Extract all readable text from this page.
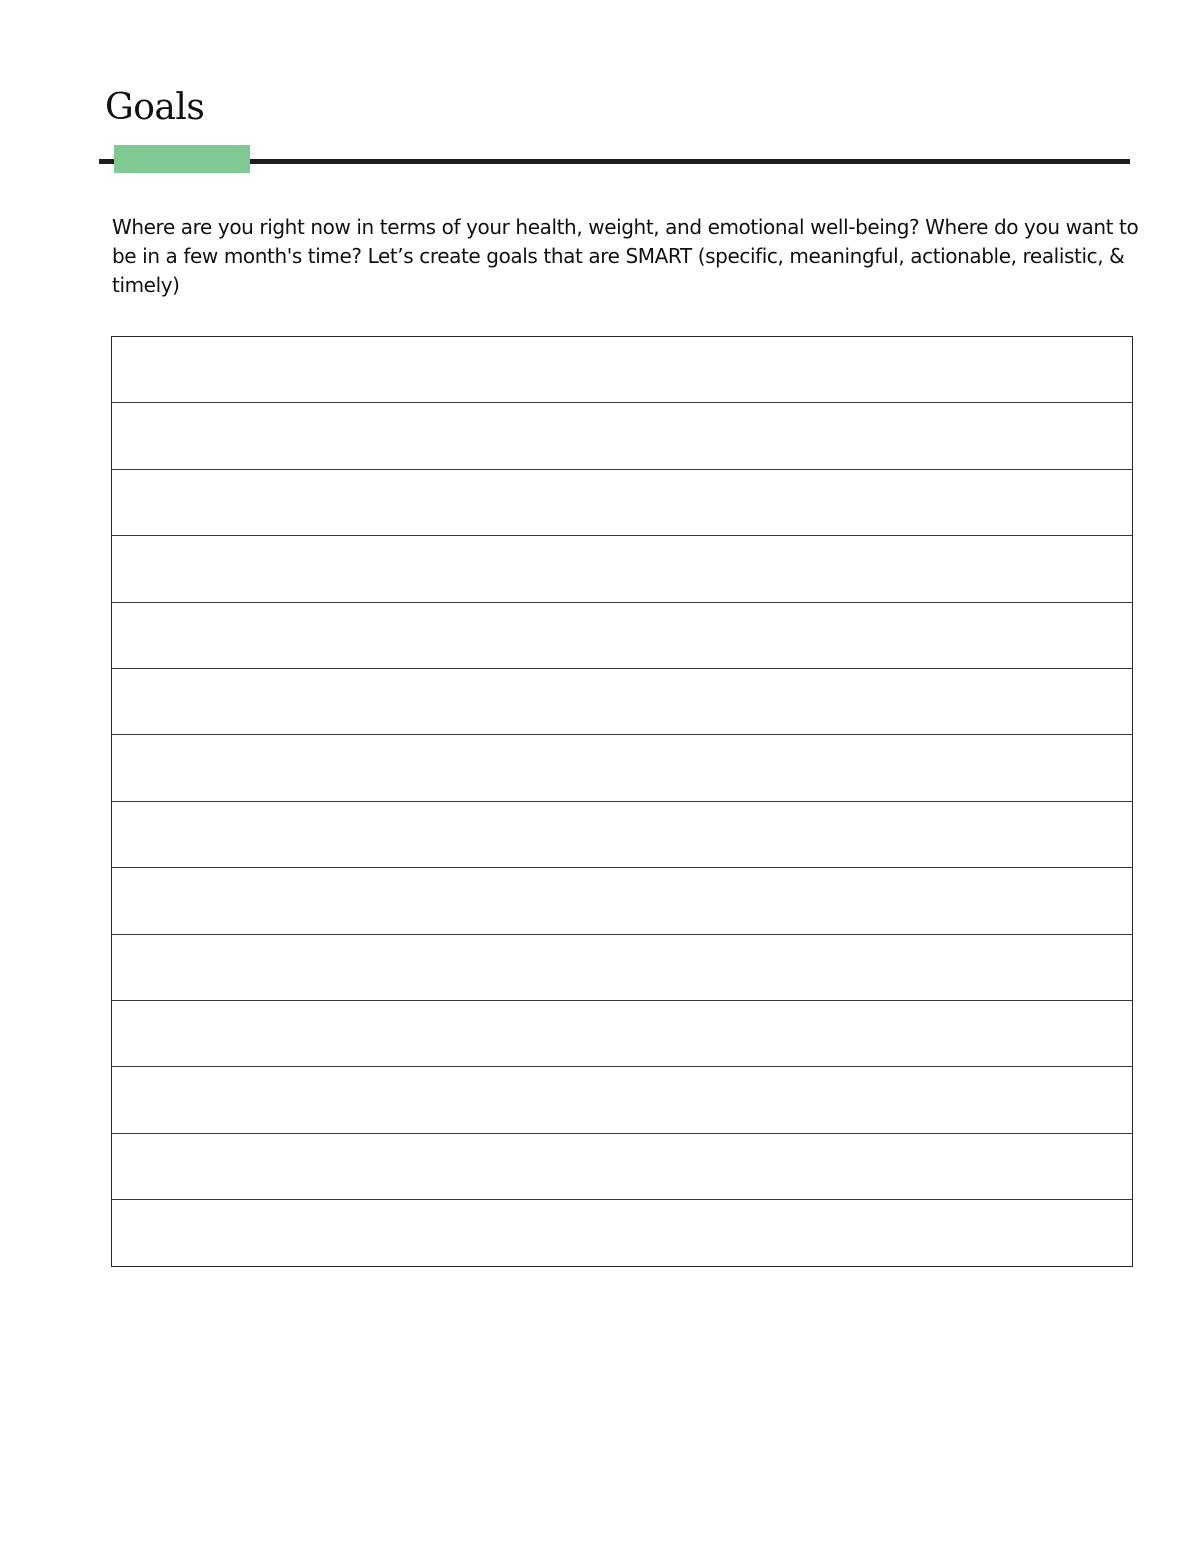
Goals

Where are you right now in terms of your health, weight, and emotional well-being? Where do you want to be in a few month's time? Let’s create goals that are SMART (specific, meaningful, actionable, realistic, & timely)
